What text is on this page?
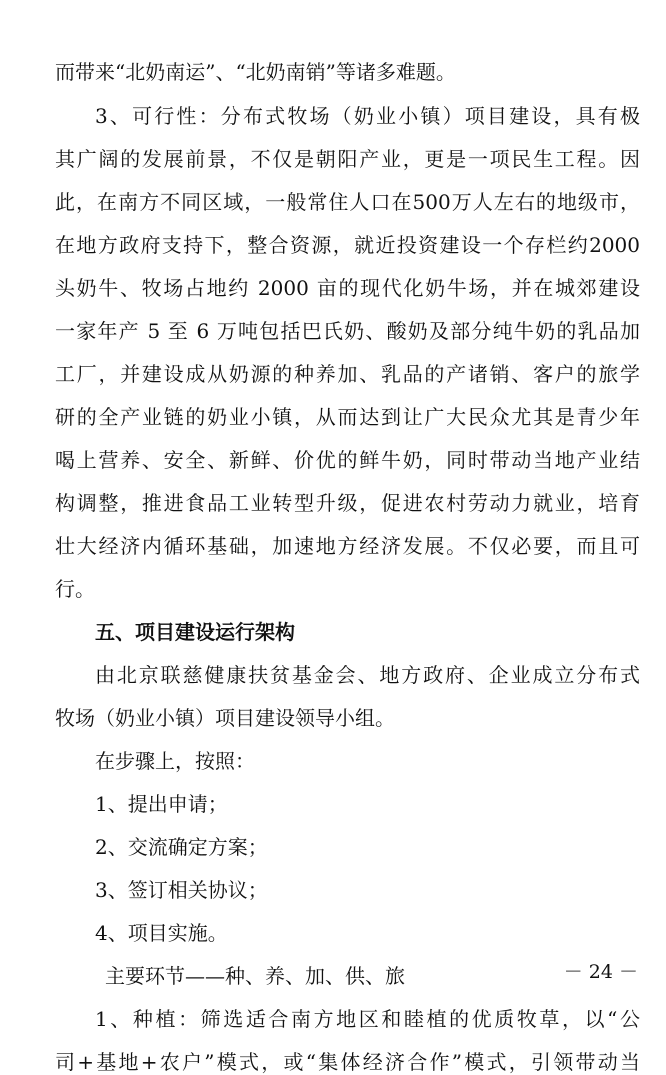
而带来“北奶南运”、“北奶南销”等诸多难题。

3、可行性：分布式牧场（奶业小镇）项目建设，具有极

其广阔的发展前景，不仅是朝阳产业，更是一项民生工程。因

此，在南方不同区域，一般常住人口在500万人左右的地级市，

在地方政府支持下，整合资源，就近投资建设一个存栏约2000

头奶牛、牧场占地约 2000 亩的现代化奶牛场，并在城郊建设

一家年产 5 至 6 万吨包括巴氏奶、酸奶及部分纯牛奶的乳品加

工厂，并建设成从奶源的种养加、乳品的产诸销、客户的旅学

研的全产业链的奶业小镇，从而达到让广大民众尤其是青少年

喝上营养、安全、新鲜、价优的鲜牛奶，同时带动当地产业结

构调整，推进食品工业转型升级，促进农村劳动力就业，培育

壮大经济内循环基础，加速地方经济发展。不仅必要，而且可

行。

五、项目建设运行架构

由北京联慈健康扶贫基金会、地方政府、企业成立分布式

牧场（奶业小镇）项目建设领导小组。

在步骤上，按照：

1、提出申请；

2、交流确定方案；

3、签订相关协议；

4、项目实施。

主要环节——种、养、加、供、旅

1、种植：筛选适合南方地区和睦植的优质牧草，以“公

司+基地+农户”模式，或“集体经济合作”模式，引领带动当

－ 24 －
